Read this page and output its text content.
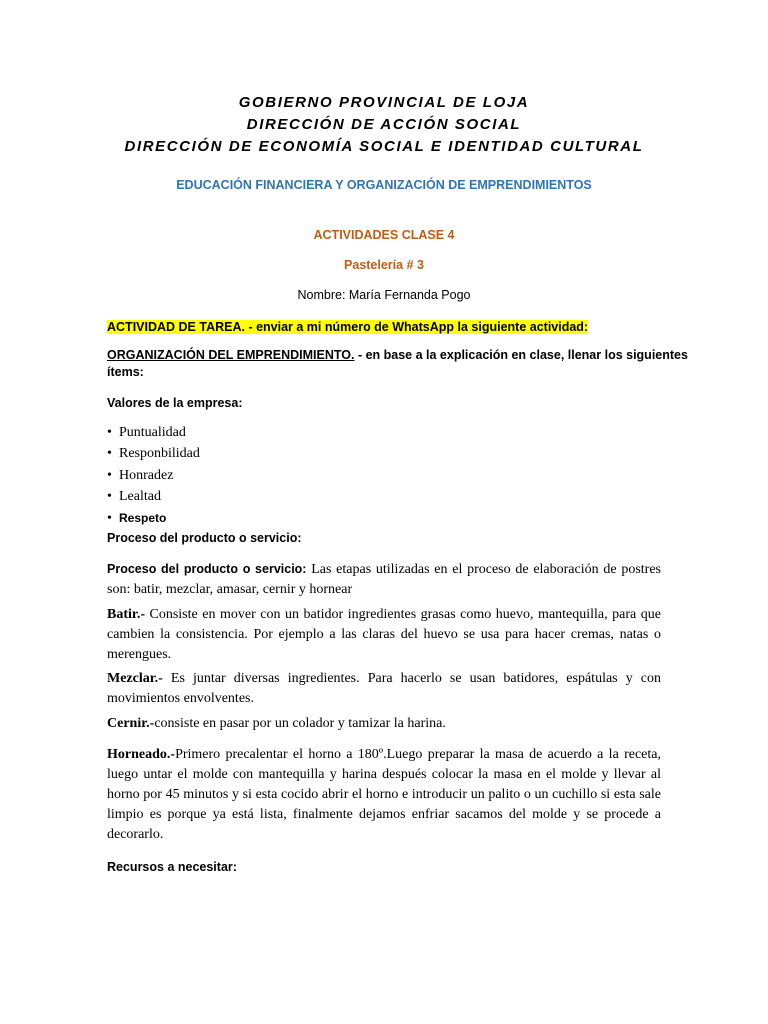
GOBIERNO PROVINCIAL DE LOJA
DIRECCIÓN DE ACCIÓN SOCIAL
DIRECCIÓN DE ECONOMÍA SOCIAL E IDENTIDAD CULTURAL
EDUCACIÓN FINANCIERA Y ORGANIZACIÓN DE EMPRENDIMIENTOS
ACTIVIDADES CLASE 4
Pastelería # 3
Nombre: María Fernanda Pogo
ACTIVIDAD DE TAREA. - enviar a mi número de WhatsApp la siguiente actividad:
ORGANIZACIÓN DEL EMPRENDIMIENTO. - en base a la explicación en clase, llenar los siguientes
ítems:
Valores de la empresa:
• Puntualidad
• Responbilidad
• Honradez
• Lealtad
• Respeto
Proceso del producto o servicio:
Proceso del producto o servicio: Las etapas utilizadas en el proceso de elaboración de postres son: batir, mezclar, amasar, cernir y hornear
Batir.- Consiste en mover con un batidor ingredientes grasas como huevo, mantequilla, para que cambien la consistencia. Por ejemplo a las claras del huevo se usa para hacer cremas, natas o merengues.
Mezclar.- Es juntar diversas ingredientes. Para hacerlo se usan batidores, espátulas y con movimientos envolventes.
Cernir.-consiste en pasar por un colador y tamizar la harina.
Horneado.-Primero precalentar el horno a 180º.Luego preparar la masa de acuerdo a la receta, luego untar el molde con mantequilla y harina después colocar la masa en el molde y llevar al horno por 45 minutos y si esta cocido abrir el horno e introducir un palito o un cuchillo si esta sale limpio es porque ya está lista, finalmente dejamos enfriar sacamos del molde y se procede a decorarlo.
Recursos a necesitar:
